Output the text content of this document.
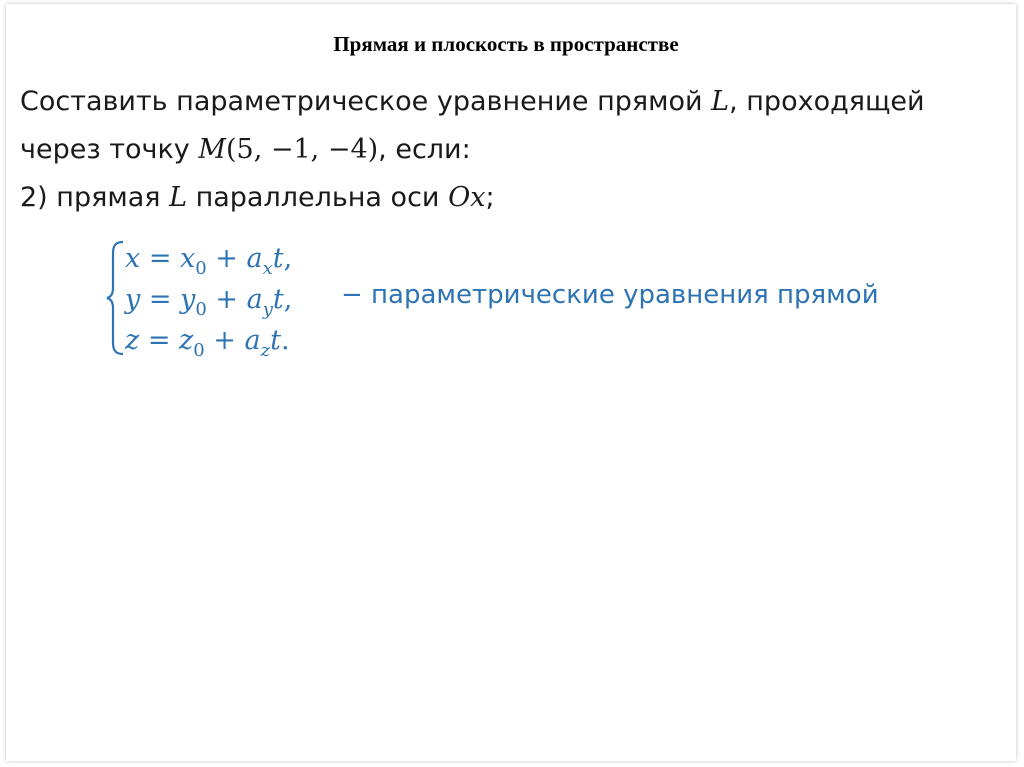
Прямая и плоскость в пространстве
Составить параметрическое уравнение прямой L, проходящей
через точку M(5, −1, −4), если:
2) прямая L параллельна оси Ox;
$x = x_0 + a_xt$,
$y = y_0 + a_yt$,
$z = z_0 + a_zt$.
− параметрические уравнения прямой
